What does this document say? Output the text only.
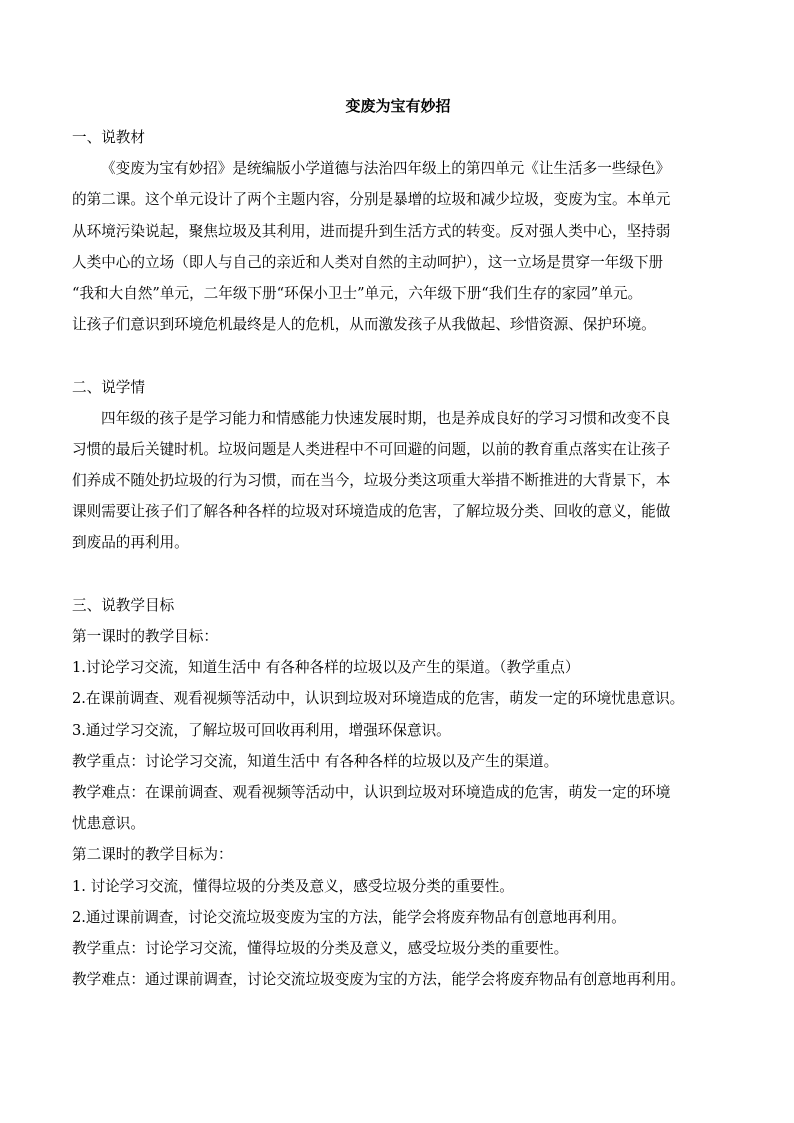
变废为宝有妙招
一、说教材
《变废为宝有妙招》是统编版小学道德与法治四年级上的第四单元《让生活多一些绿色》
的第二课。这个单元设计了两个主题内容，分别是暴增的垃圾和减少垃圾，变废为宝。本单元
从环境污染说起，聚焦垃圾及其利用，进而提升到生活方式的转变。反对强人类中心，坚持弱
人类中心的立场（即人与自己的亲近和人类对自然的主动呵护），这一立场是贯穿一年级下册
“我和大自然”单元，二年级下册“环保小卫士”单元，六年级下册“我们生存的家园”单元。
让孩子们意识到环境危机最终是人的危机，从而激发孩子从我做起、珍惜资源、保护环境。
二、说学情
四年级的孩子是学习能力和情感能力快速发展时期，也是养成良好的学习习惯和改变不良
习惯的最后关键时机。垃圾问题是人类进程中不可回避的问题，以前的教育重点落实在让孩子
们养成不随处扔垃圾的行为习惯，而在当今，垃圾分类这项重大举措不断推进的大背景下，本
课则需要让孩子们了解各种各样的垃圾对环境造成的危害，了解垃圾分类、回收的意义，能做
到废品的再利用。
三、说教学目标
第一课时的教学目标：
1.讨论学习交流，知道生活中 有各种各样的垃圾以及产生的渠道。（教学重点）
2.在课前调查、观看视频等活动中，认识到垃圾对环境造成的危害，萌发一定的环境忧患意识。
3.通过学习交流，了解垃圾可回收再利用，增强环保意识。
教学重点：讨论学习交流，知道生活中 有各种各样的垃圾以及产生的渠道。
教学难点：在课前调查、观看视频等活动中，认识到垃圾对环境造成的危害，萌发一定的环境
忧患意识。
第二课时的教学目标为：
1. 讨论学习交流，懂得垃圾的分类及意义，感受垃圾分类的重要性。
2.通过课前调查，讨论交流垃圾变废为宝的方法，能学会将废弃物品有创意地再利用。
教学重点：讨论学习交流，懂得垃圾的分类及意义，感受垃圾分类的重要性。
教学难点：通过课前调查，讨论交流垃圾变废为宝的方法，能学会将废弃物品有创意地再利用。
